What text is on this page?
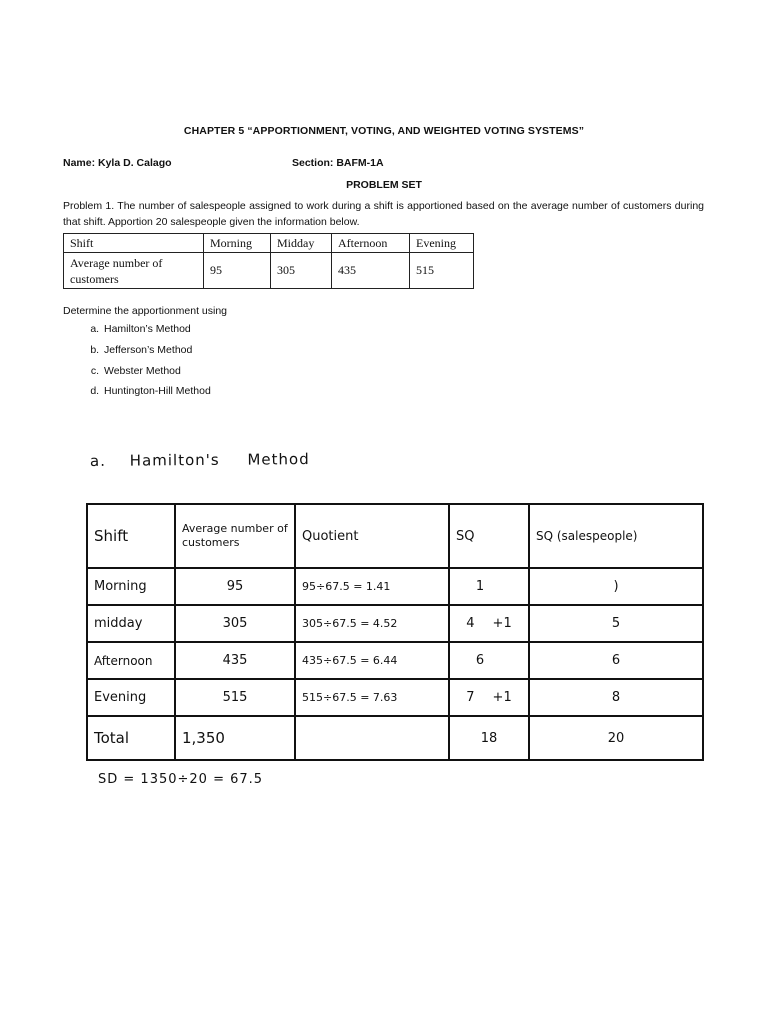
CHAPTER 5 “APPORTIONMENT, VOTING, AND WEIGHTED VOTING SYSTEMS”
Name: Kyla D. Calago	Section: BAFM-1A
PROBLEM SET
Problem 1. The number of salespeople assigned to work during a shift is apportioned based on the average number of customers during that shift. Apportion 20 salespeople given the information below.
Shift	Morning	Midday	Afternoon	Evening
Average number of customers	95	305	435	515
Determine the apportionment using
a. Hamilton’s Method
b. Jefferson’s Method
c. Webster Method
d. Huntington-Hill Method
a. Hamilton's Method
Shift	Average number of customers	Quotient	SQ	SQ (salespeople)
Morning	95	95÷67.5 = 1.41	1	)
midday	305	305÷67.5 = 4.52	4 +1	5
Afternoon	435	435÷67.5 = 6.44	6	6
Evening	515	515÷67.5 = 7.63	7 +1	8
Total	1,350		18	20
SD = 1350÷20 = 67.5
